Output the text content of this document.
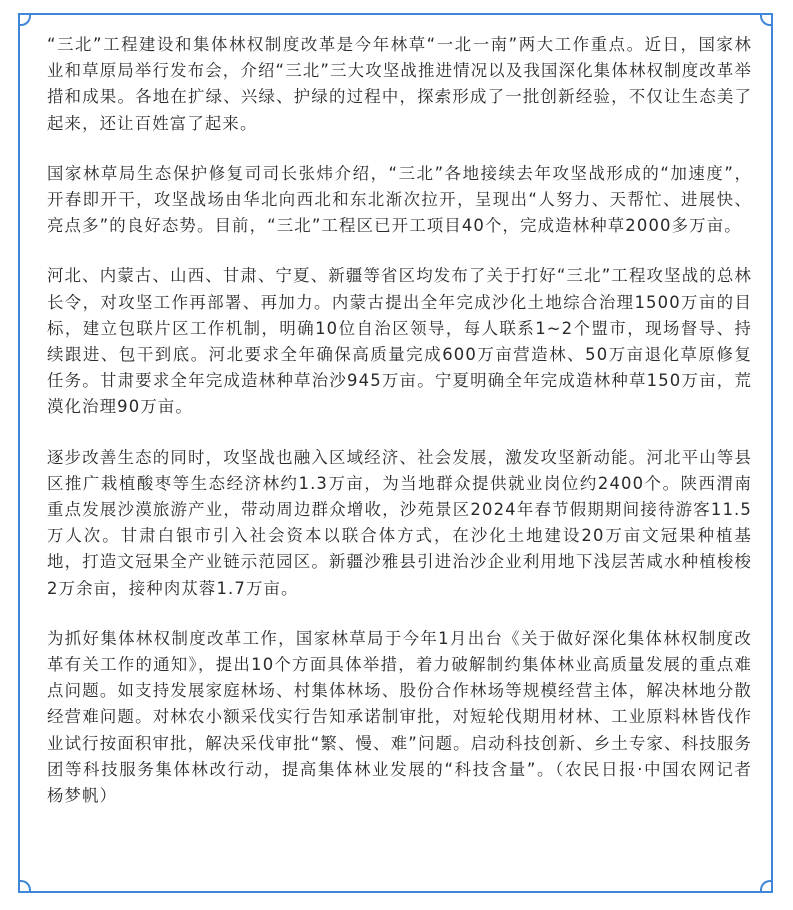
“三北”工程建设和集体林权制度改革是今年林草“一北一南”两大工作重点。近日，国家林业和草原局举行发布会，介绍“三北”三大攻坚战推进情况以及我国深化集体林权制度改革举措和成果。各地在扩绿、兴绿、护绿的过程中，探索形成了一批创新经验，不仅让生态美了起来，还让百姓富了起来。

国家林草局生态保护修复司司长张炜介绍，“三北”各地接续去年攻坚战形成的“加速度”，开春即开干，攻坚战场由华北向西北和东北渐次拉开，呈现出“人努力、天帮忙、进展快、亮点多”的良好态势。目前，“三北”工程区已开工项目40个，完成造林种草2000多万亩。

河北、内蒙古、山西、甘肃、宁夏、新疆等省区均发布了关于打好“三北”工程攻坚战的总林长令，对攻坚工作再部署、再加力。内蒙古提出全年完成沙化土地综合治理1500万亩的目标，建立包联片区工作机制，明确10位自治区领导，每人联系1~2个盟市，现场督导、持续跟进、包干到底。河北要求全年确保高质量完成600万亩营造林、50万亩退化草原修复任务。甘肃要求全年完成造林种草治沙945万亩。宁夏明确全年完成造林种草150万亩，荒漠化治理90万亩。

逐步改善生态的同时，攻坚战也融入区域经济、社会发展，激发攻坚新动能。河北平山等县区推广栽植酸枣等生态经济林约1.3万亩，为当地群众提供就业岗位约2400个。陕西渭南重点发展沙漠旅游产业，带动周边群众增收，沙苑景区2024年春节假期期间接待游客11.5万人次。甘肃白银市引入社会资本以联合体方式，在沙化土地建设20万亩文冠果种植基地，打造文冠果全产业链示范园区。新疆沙雅县引进治沙企业利用地下浅层苦咸水种植梭梭2万余亩，接种肉苁蓉1.7万亩。

为抓好集体林权制度改革工作，国家林草局于今年1月出台《关于做好深化集体林权制度改革有关工作的通知》，提出10个方面具体举措，着力破解制约集体林业高质量发展的重点难点问题。如支持发展家庭林场、村集体林场、股份合作林场等规模经营主体，解决林地分散经营难问题。对林农小额采伐实行告知承诺制审批，对短轮伐期用材林、工业原料林皆伐作业试行按面积审批，解决采伐审批“繁、慢、难”问题。启动科技创新、乡土专家、科技服务团等科技服务集体林改行动，提高集体林业发展的“科技含量”。（农民日报·中国农网记者 杨梦帆）
